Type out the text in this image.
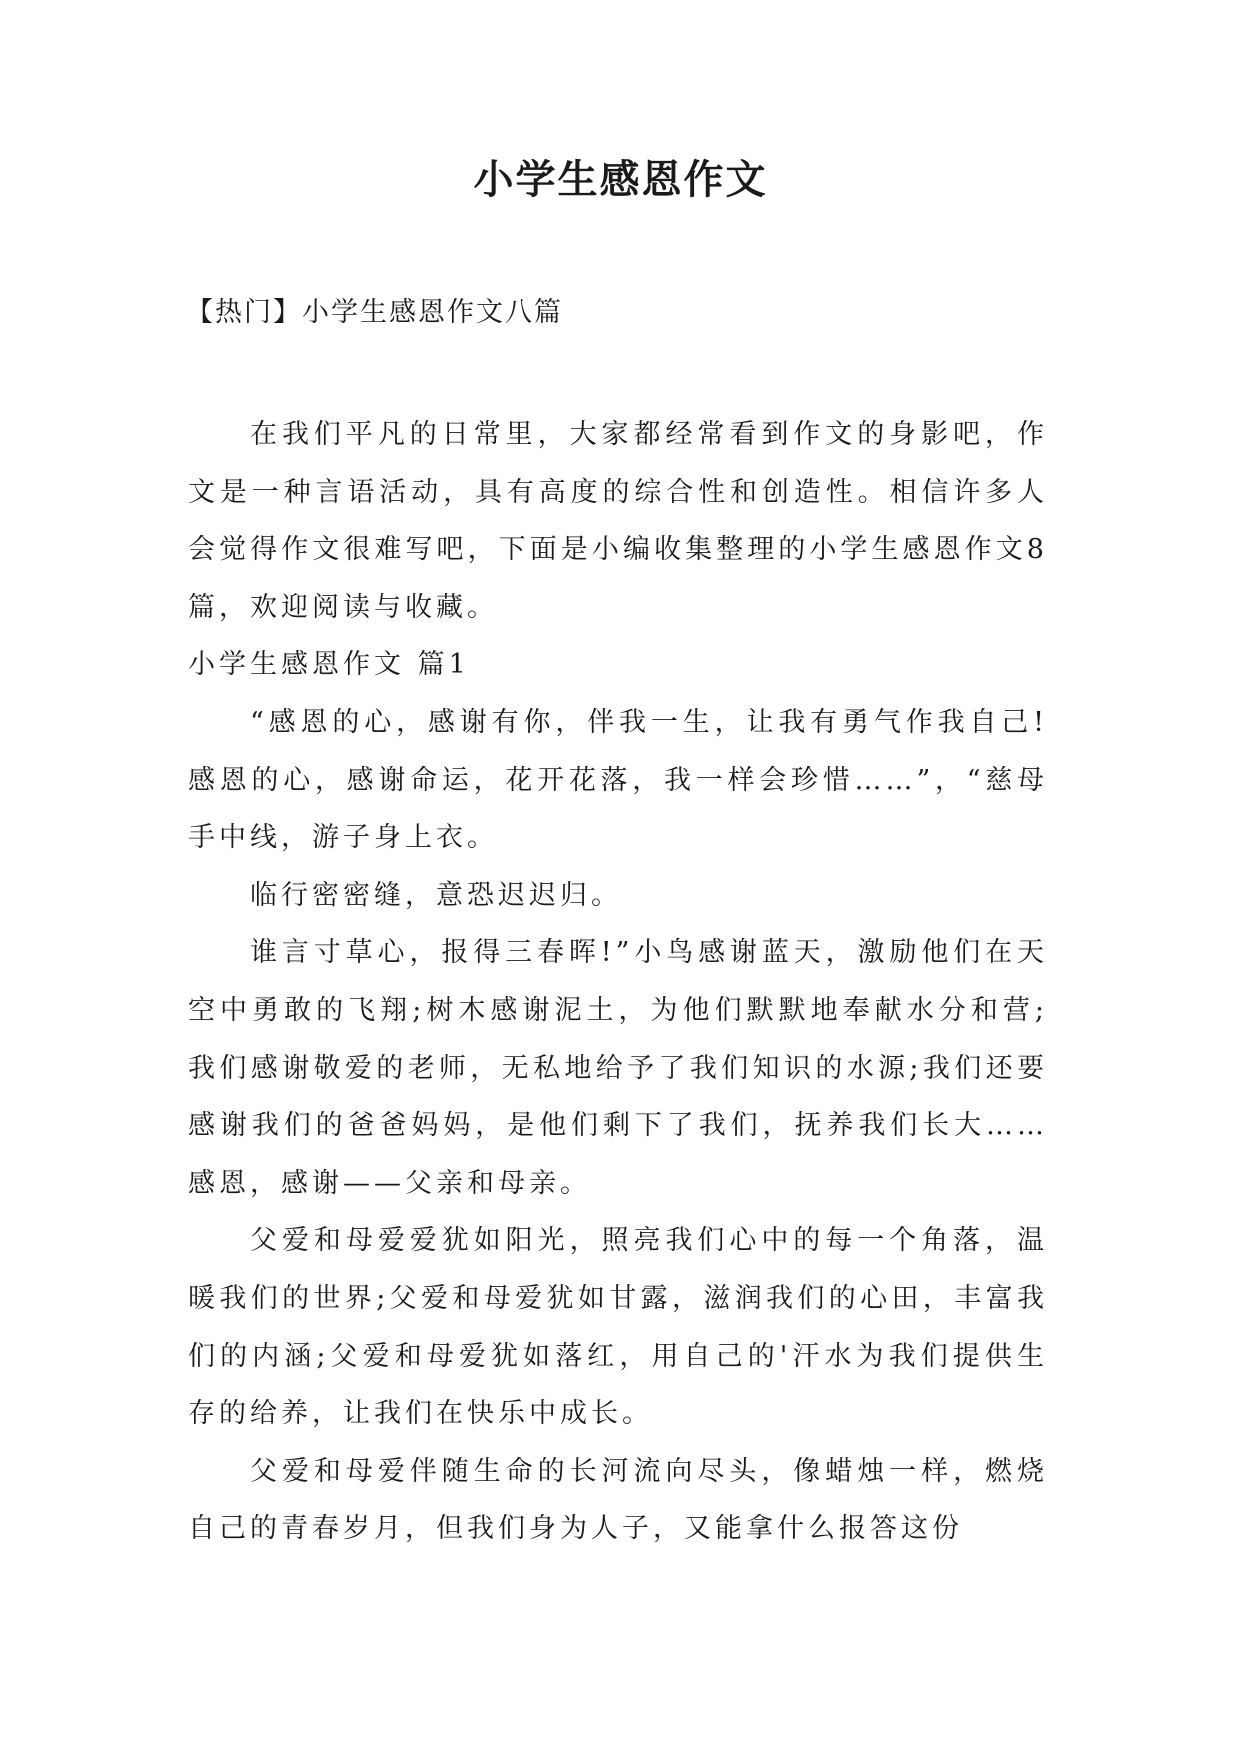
小学生感恩作文

【热门】小学生感恩作文八篇

在我们平凡的日常里，大家都经常看到作文的身影吧，作文是一种言语活动，具有高度的综合性和创造性。相信许多人会觉得作文很难写吧，下面是小编收集整理的小学生感恩作文8篇，欢迎阅读与收藏。

小学生感恩作文 篇1

“感恩的心，感谢有你，伴我一生，让我有勇气作我自己!感恩的心，感谢命运，花开花落，我一样会珍惜……”，“慈母手中线，游子身上衣。

临行密密缝，意恐迟迟归。

谁言寸草心，报得三春晖!”小鸟感谢蓝天，激励他们在天空中勇敢的飞翔;树木感谢泥土，为他们默默地奉献水分和营;我们感谢敬爱的老师，无私地给予了我们知识的水源;我们还要感谢我们的爸爸妈妈，是他们剩下了我们，抚养我们长大……感恩，感谢——父亲和母亲。

父爱和母爱爱犹如阳光，照亮我们心中的每一个角落，温暖我们的世界;父爱和母爱犹如甘露，滋润我们的心田，丰富我们的内涵;父爱和母爱犹如落红，用自己的'汗水为我们提供生存的给养，让我们在快乐中成长。

父爱和母爱伴随生命的长河流向尽头，像蜡烛一样，燃烧自己的青春岁月，但我们身为人子，又能拿什么报答这份
